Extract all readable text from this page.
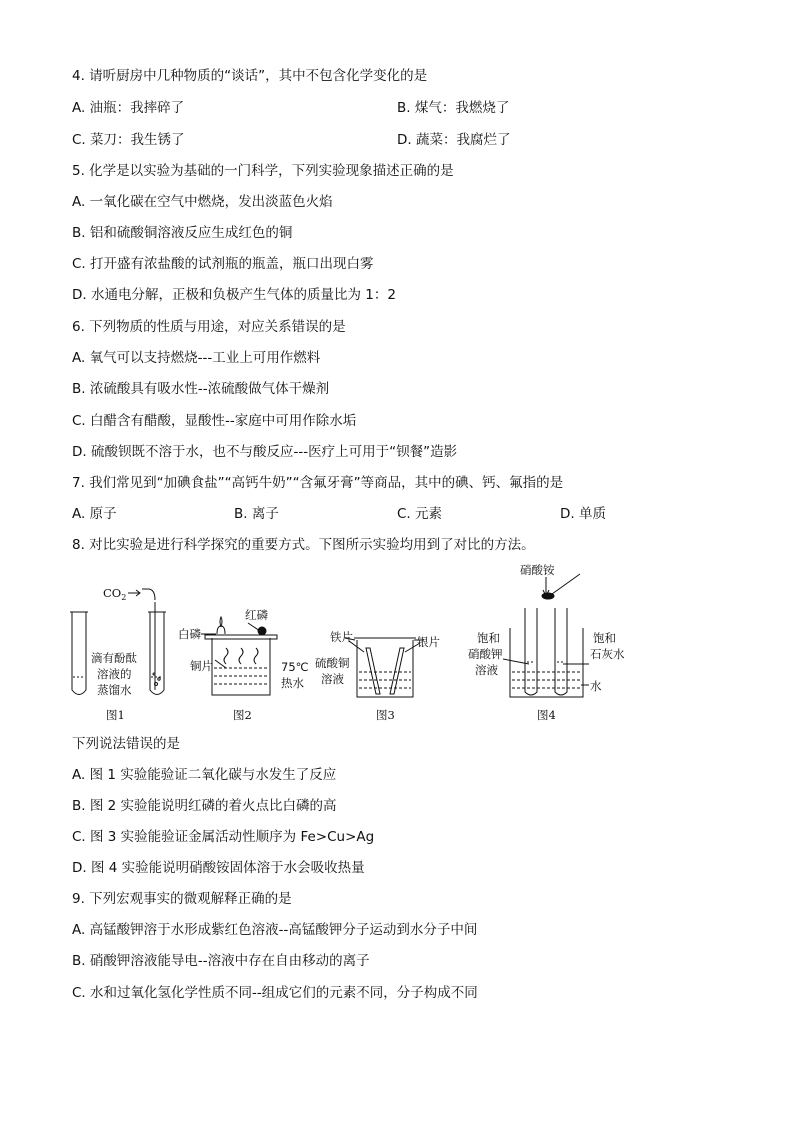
4. 请听厨房中几种物质的“谈话”，其中不包含化学变化的是
A. 油瓶：我摔碎了	B. 煤气：我燃烧了
C. 菜刀：我生锈了	D. 蔬菜：我腐烂了
5. 化学是以实验为基础的一门科学，下列实验现象描述正确的是
A. 一氧化碳在空气中燃烧，发出淡蓝色火焰
B. 铝和硫酸铜溶液反应生成红色的铜
C. 打开盛有浓盐酸的试剂瓶的瓶盖，瓶口出现白雾
D. 水通电分解，正极和负极产生气体的质量比为 1：2
6. 下列物质的性质与用途，对应关系错误的是
A. 氧气可以支持燃烧---工业上可用作燃料
B. 浓硫酸具有吸水性--浓硫酸做气体干燥剂
C. 白醋含有醋酸，显酸性--家庭中可用作除水垢
D. 硫酸钡既不溶于水，也不与酸反应---医疗上可用于“钡餐”造影
7. 我们常见到“加碘食盐”“高钙牛奶”“含氟牙膏”等商品，其中的碘、钙、氟指的是
A. 原子	B. 离子	C. 元素	D. 单质
8. 对比实验是进行科学探究的重要方式。下图所示实验均用到了对比的方法。
$CO_2$
滴有酚酞
溶液的
蒸馏水
图1
红磷
白磷
铜片	75℃
热水
图2
铁片	银片
硫酸铜
溶液
图3
硝酸铵
饱和
硝酸钾
溶液
饱和
石灰水
水
图4
下列说法错误的是
A. 图 1 实验能验证二氧化碳与水发生了反应
B. 图 2 实验能说明红磷的着火点比白磷的高
C. 图 3 实验能验证金属活动性顺序为 Fe>Cu>Ag
D. 图 4 实验能说明硝酸铵固体溶于水会吸收热量
9. 下列宏观事实的微观解释正确的是
A. 高锰酸钾溶于水形成紫红色溶液--高锰酸钾分子运动到水分子中间
B. 硝酸钾溶液能导电--溶液中存在自由移动的离子
C. 水和过氧化氢化学性质不同--组成它们的元素不同，分子构成不同
